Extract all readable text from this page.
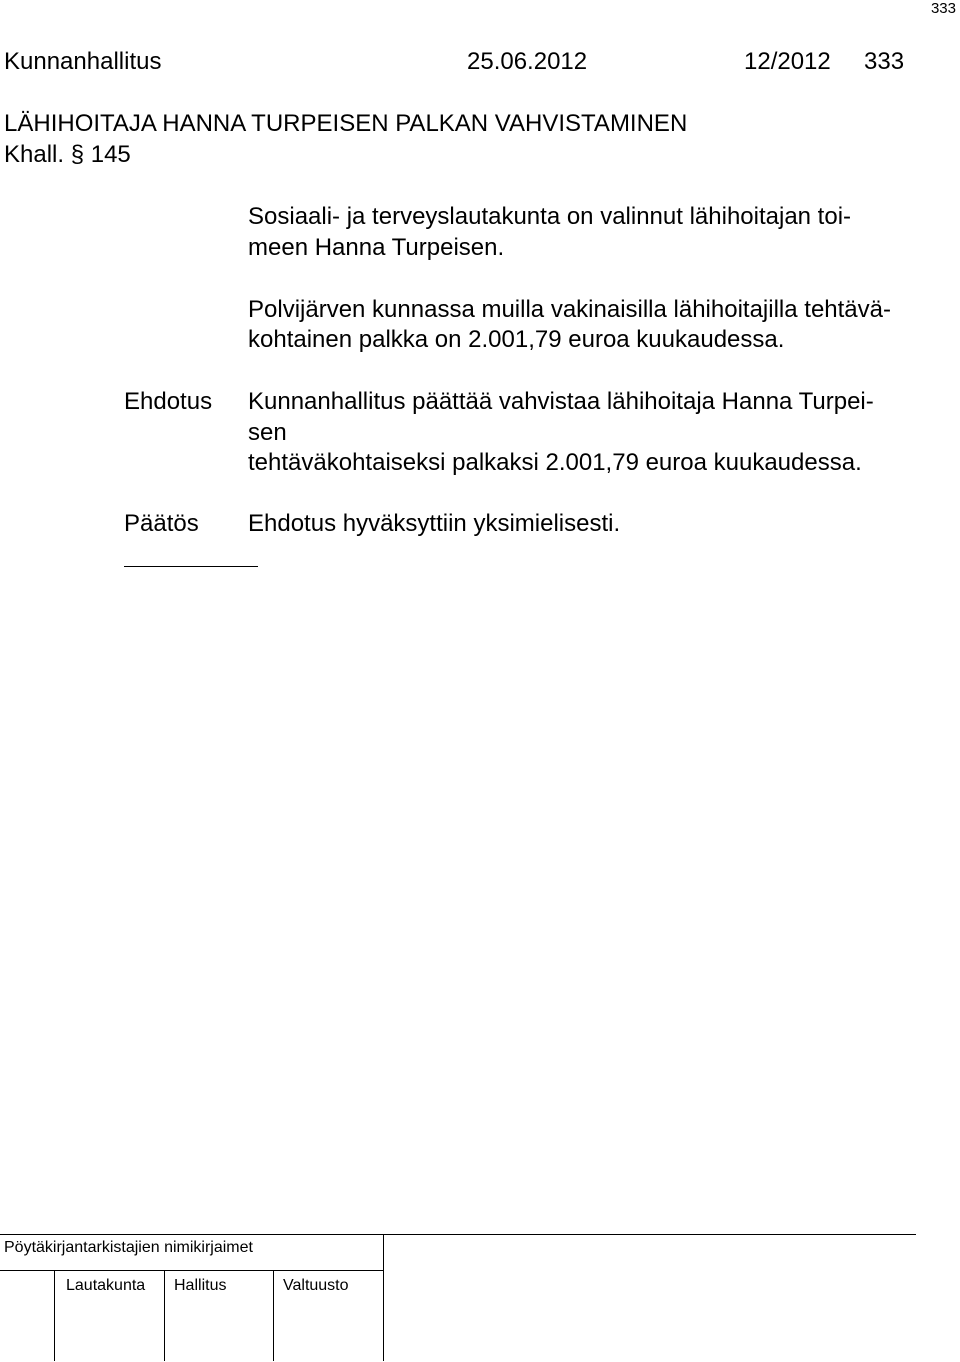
333
Kunnanhallitus	25.06.2012	12/2012 333
LÄHIHOITAJA HANNA TURPEISEN PALKAN VAHVISTAMINEN
Khall. § 145
Sosiaali- ja terveyslautakunta on valinnut lähihoitajan toi-
meen Hanna Turpeisen.
Polvijärven kunnassa muilla vakinaisilla lähihoitajilla tehtävä-
kohtainen palkka on 2.001,79 euroa kuukaudessa.
Ehdotus Kunnanhallitus päättää vahvistaa lähihoitaja Hanna Turpei-
sen
tehtäväkohtaiseksi palkaksi 2.001,79 euroa kuukaudessa.
Päätös Ehdotus hyväksyttiin yksimielisesti.
Pöytäkirjantarkistajien nimikirjaimet
Lautakunta Hallitus	Valtuusto
